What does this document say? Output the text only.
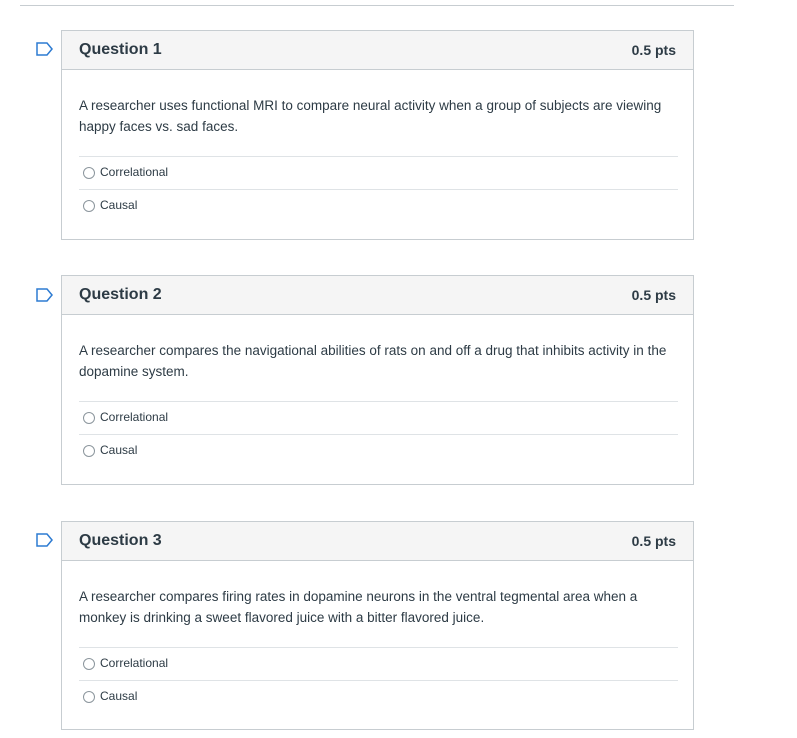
Question 1	0.5 pts
A researcher uses functional MRI to compare neural activity when a group of subjects are viewing happy faces vs. sad faces.
Correlational
Causal
Question 2	0.5 pts
A researcher compares the navigational abilities of rats on and off a drug that inhibits activity in the dopamine system.
Correlational
Causal
Question 3	0.5 pts
A researcher compares firing rates in dopamine neurons in the ventral tegmental area when a monkey is drinking a sweet flavored juice with a bitter flavored juice.
Correlational
Causal
